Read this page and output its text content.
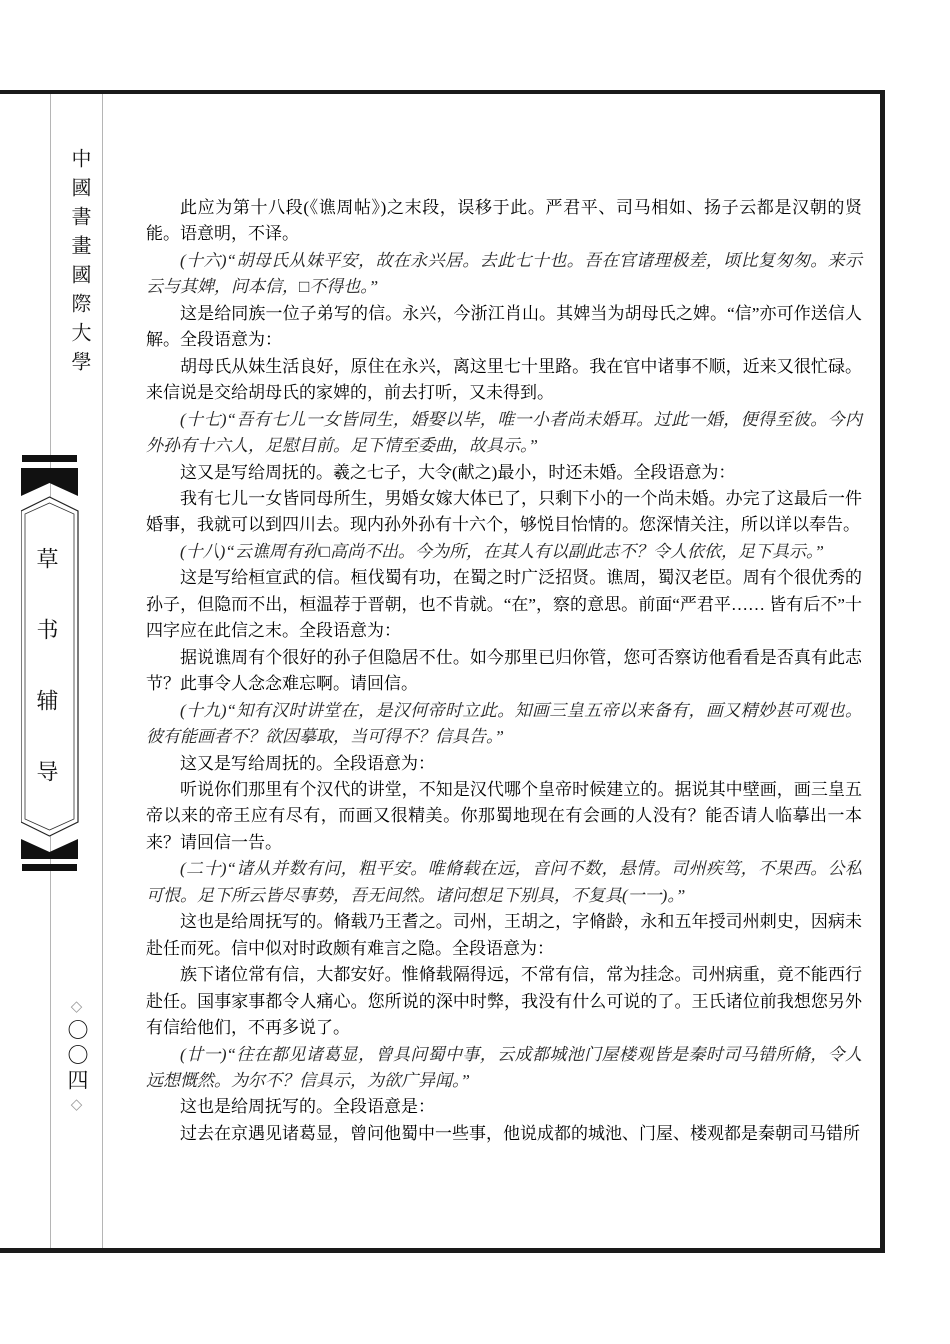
中國書畫國際大學
草书辅导
◇
〇〇四
◇

此应为第十八段(《谯周帖》)之末段，误移于此。严君平、司马相如、扬子云都是汉朝的贤能。语意明，不译。

(十六)“胡母氏从妹平安，故在永兴居。去此七十也。吾在官诸理极差，顷比复匆匆。来示云与其婢，问本信，□不得也。”

这是给同族一位子弟写的信。永兴，今浙江肖山。其婢当为胡母氏之婢。“信”亦可作送信人解。全段语意为：

胡母氏从妹生活良好，原住在永兴，离这里七十里路。我在官中诸事不顺，近来又很忙碌。来信说是交给胡母氏的家婢的，前去打听，又未得到。

(十七)“吾有七儿一女皆同生，婚娶以毕，唯一小者尚未婚耳。过此一婚，便得至彼。今内外孙有十六人，足慰目前。足下情至委曲，故具示。”

这又是写给周抚的。羲之七子，大令(献之)最小，时还未婚。全段语意为：

我有七儿一女皆同母所生，男婚女嫁大体已了，只剩下小的一个尚未婚。办完了这最后一件婚事，我就可以到四川去。现内孙外孙有十六个，够悦目怡情的。您深情关注，所以详以奉告。

(十八)“云谯周有孙□高尚不出。今为所，在其人有以副此志不？令人依依，足下具示。”

这是写给桓宣武的信。桓伐蜀有功，在蜀之时广泛招贤。谯周，蜀汉老臣。周有个很优秀的孙子，但隐而不出，桓温荐于晋朝，也不肯就。“在”，察的意思。前面“严君平…… 皆有后不”十四字应在此信之末。全段语意为：

据说谯周有个很好的孙子但隐居不仕。如今那里已归你管，您可否察访他看看是否真有此志节？此事令人念念难忘啊。请回信。

(十九)“知有汉时讲堂在，是汉何帝时立此。知画三皇五帝以来备有，画又精妙甚可观也。彼有能画者不？欲因摹取，当可得不？信具告。”

这又是写给周抚的。全段语意为：

听说你们那里有个汉代的讲堂，不知是汉代哪个皇帝时候建立的。据说其中壁画，画三皇五帝以来的帝王应有尽有，而画又很精美。你那蜀地现在有会画的人没有？能否请人临摹出一本来？请回信一告。

(二十)“诸从并数有问，粗平安。唯脩载在远，音问不数，悬情。司州疾笃，不果西。公私可恨。足下所云皆尽事势，吾无间然。诸问想足下别具，不复具(一一)。”

这也是给周抚写的。脩载乃王耆之。司州，王胡之，字脩龄，永和五年授司州刺史，因病未赴任而死。信中似对时政颇有难言之隐。全段语意为：

族下诸位常有信，大都安好。惟脩载隔得远，不常有信，常为挂念。司州病重，竟不能西行赴任。国事家事都令人痛心。您所说的深中时弊，我没有什么可说的了。王氏诸位前我想您另外有信给他们，不再多说了。

(廿一)“往在都见诸葛显，曾具问蜀中事，云成都城池门屋楼观皆是秦时司马错所脩，令人远想慨然。为尔不？信具示，为欲广异闻。”

这也是给周抚写的。全段语意是：

过去在京遇见诸葛显，曾问他蜀中一些事，他说成都的城池、门屋、楼观都是秦朝司马错所
